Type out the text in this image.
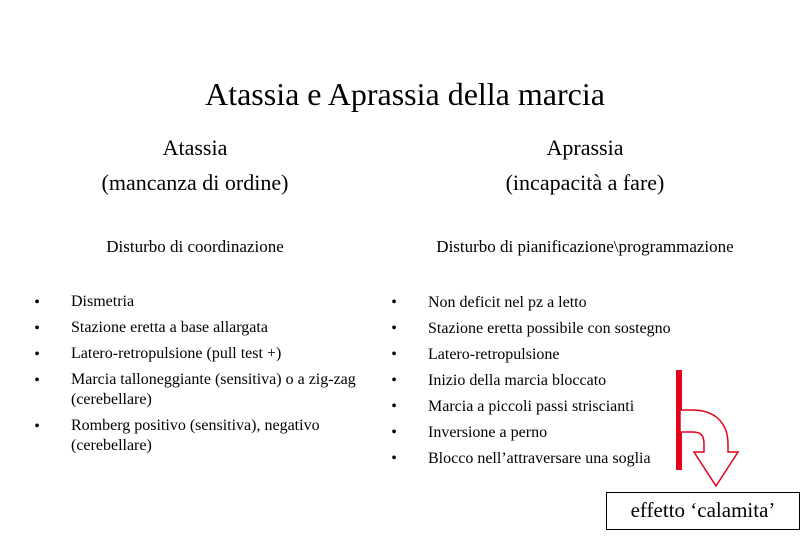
Atassia e Aprassia della marcia
Atassia
(mancanza di ordine)
Aprassia
(incapacità a fare)
Disturbo di coordinazione	Disturbo di pianificazione\programmazione
• Dismetria
• Stazione eretta a base allargata
• Latero-retropulsione (pull test +)
• Marcia talloneggiante (sensitiva) o a zig-zag (cerebellare)
• Romberg positivo (sensitiva), negativo (cerebellare)
• Non deficit nel pz a letto
• Stazione eretta possibile con sostegno
• Latero-retropulsione
• Inizio della marcia bloccato
• Marcia a piccoli passi striscianti
• Inversione a perno
• Blocco nell’attraversare una soglia
effetto ‘calamita’
